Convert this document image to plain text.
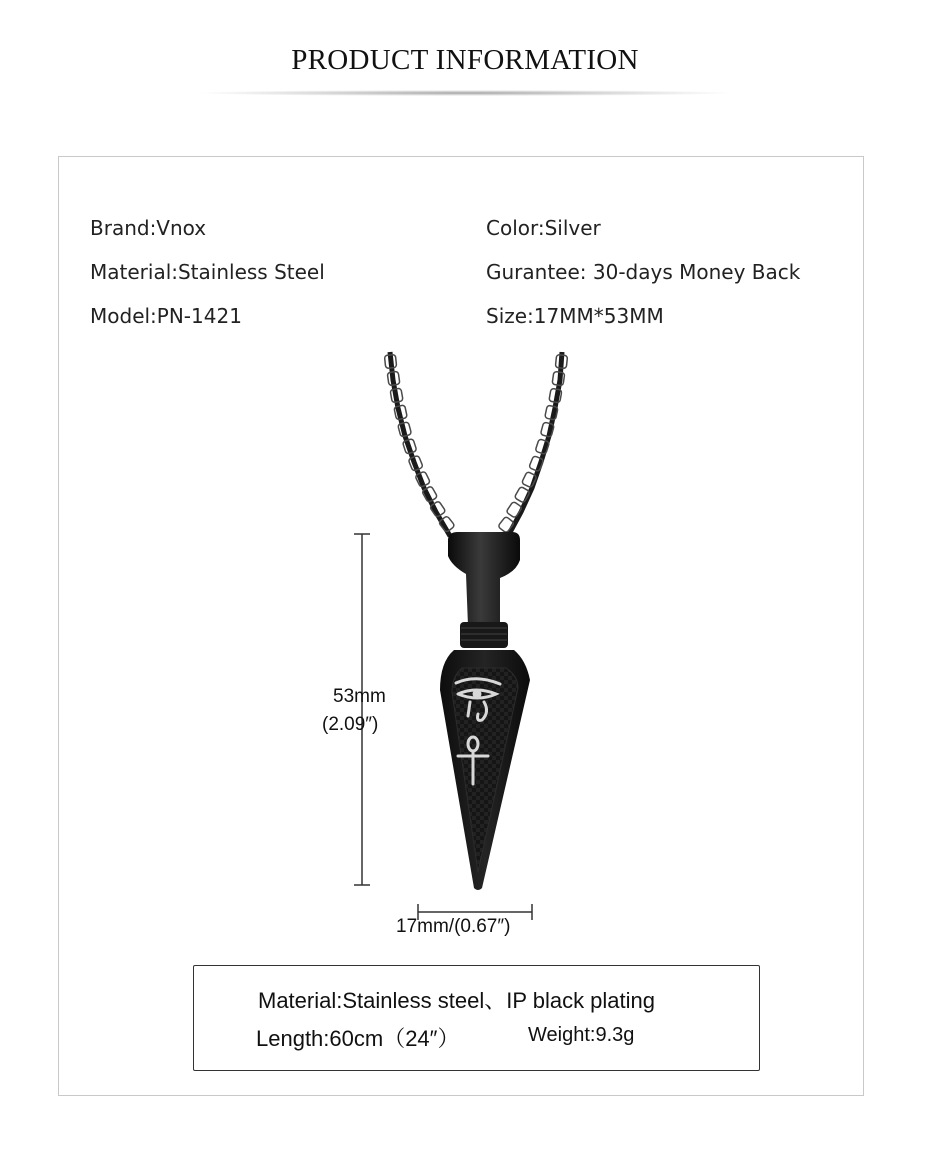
PRODUCT INFORMATION
Brand:Vnox
Material:Stainless Steel
Model:PN-1421
Color:Silver
Gurantee: 30-days Money Back
Size:17MM*53MM
53mm
(2.09″)
17mm/(0.67″)
Material:Stainless steel、IP black plating
Length:60cm（24″）	Weight:9.3g
